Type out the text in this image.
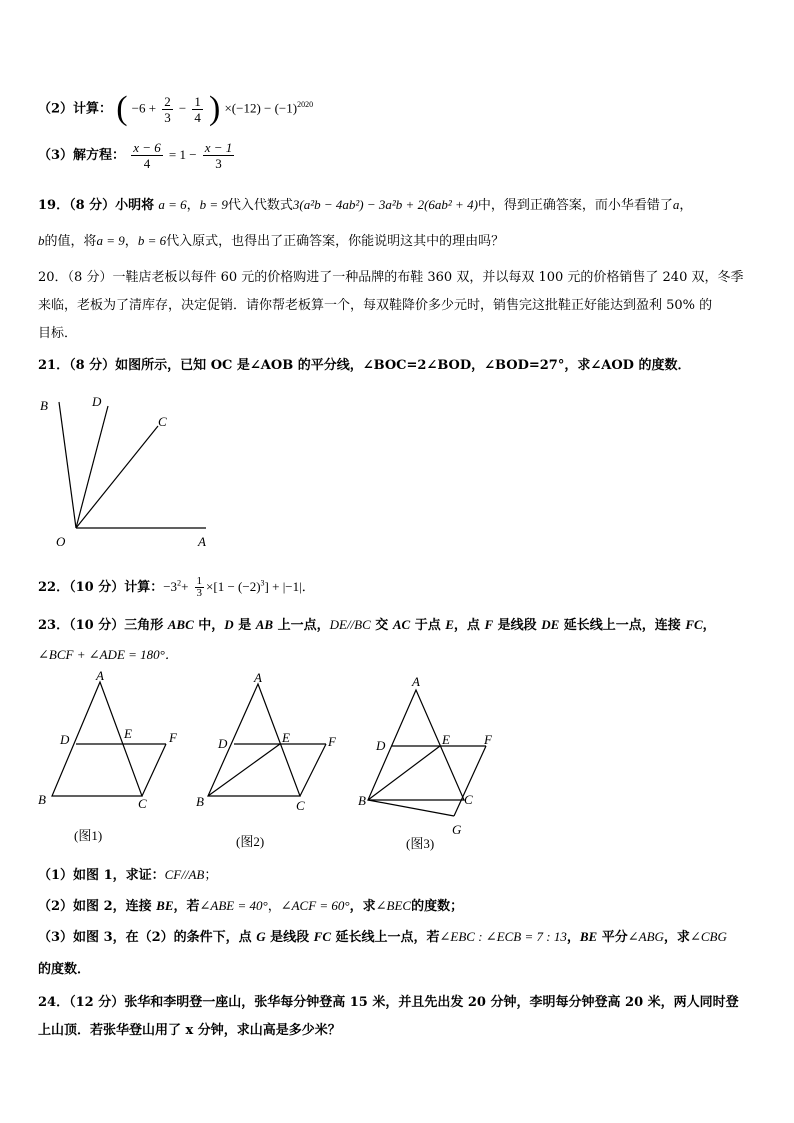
（2）计算： ( $-6 + \frac{2}{3} - \frac{1}{4}$ ) $\times(-12) - (-1)^{2020}$
（3）解方程： $\frac{x - 6}{4} = 1 - \frac{x - 1}{3}$
19．（8 分）小明将 a = 6，b = 9代入代数式3(a²b − 4ab²) − 3a²b + 2(6ab² + 4)中，得到正确答案，而小华看错了a，
b的值，将a = 9，b = 6代入原式，也得出了正确答案，你能说明这其中的理由吗？
20．（8 分）一鞋店老板以每件 60 元的价格购进了一种品牌的布鞋 360 双，并以每双 100 元的价格销售了 240 双，冬季
来临，老板为了清库存，决定促销．请你帮老板算一个，每双鞋降价多少元时，销售完这批鞋正好能达到盈利 50% 的
目标．
21．（8 分）如图所示，已知 OC 是∠AOB 的平分线，∠BOC=2∠BOD，∠BOD=27°，求∠AOD 的度数．
B	D
C
O	A
22．（10 分）计算：$-3^2+ \frac{1}{3} \times[1 - (-2)^3] + |-1|$．
23．（10 分）三角形 ABC 中，D 是 AB 上一点，DE//BC 交 AC 于点 E，点 F 是线段 DE 延长线上一点，连接 FC，
∠BCF + ∠ADE = 180°．
A
D	E	F
B	C
(图1)
A
D	E	F
B	C
(图2)
A
D	E	F
B	C
G
(图3)
（1）如图 1，求证：CF//AB；
（2）如图 2，连接 BE，若∠ABE = 40°，∠ACF = 60°，求∠BEC的度数；
（3）如图 3，在（2）的条件下，点 G 是线段 FC 延长线上一点，若∠EBC : ∠ECB = 7 : 13，BE 平分∠ABG，求∠CBG
的度数．
24．（12 分）张华和李明登一座山，张华每分钟登高 15 米，并且先出发 20 分钟，李明每分钟登高 20 米，两人同时登
上山顶．若张华登山用了 x 分钟，求山高是多少米？
